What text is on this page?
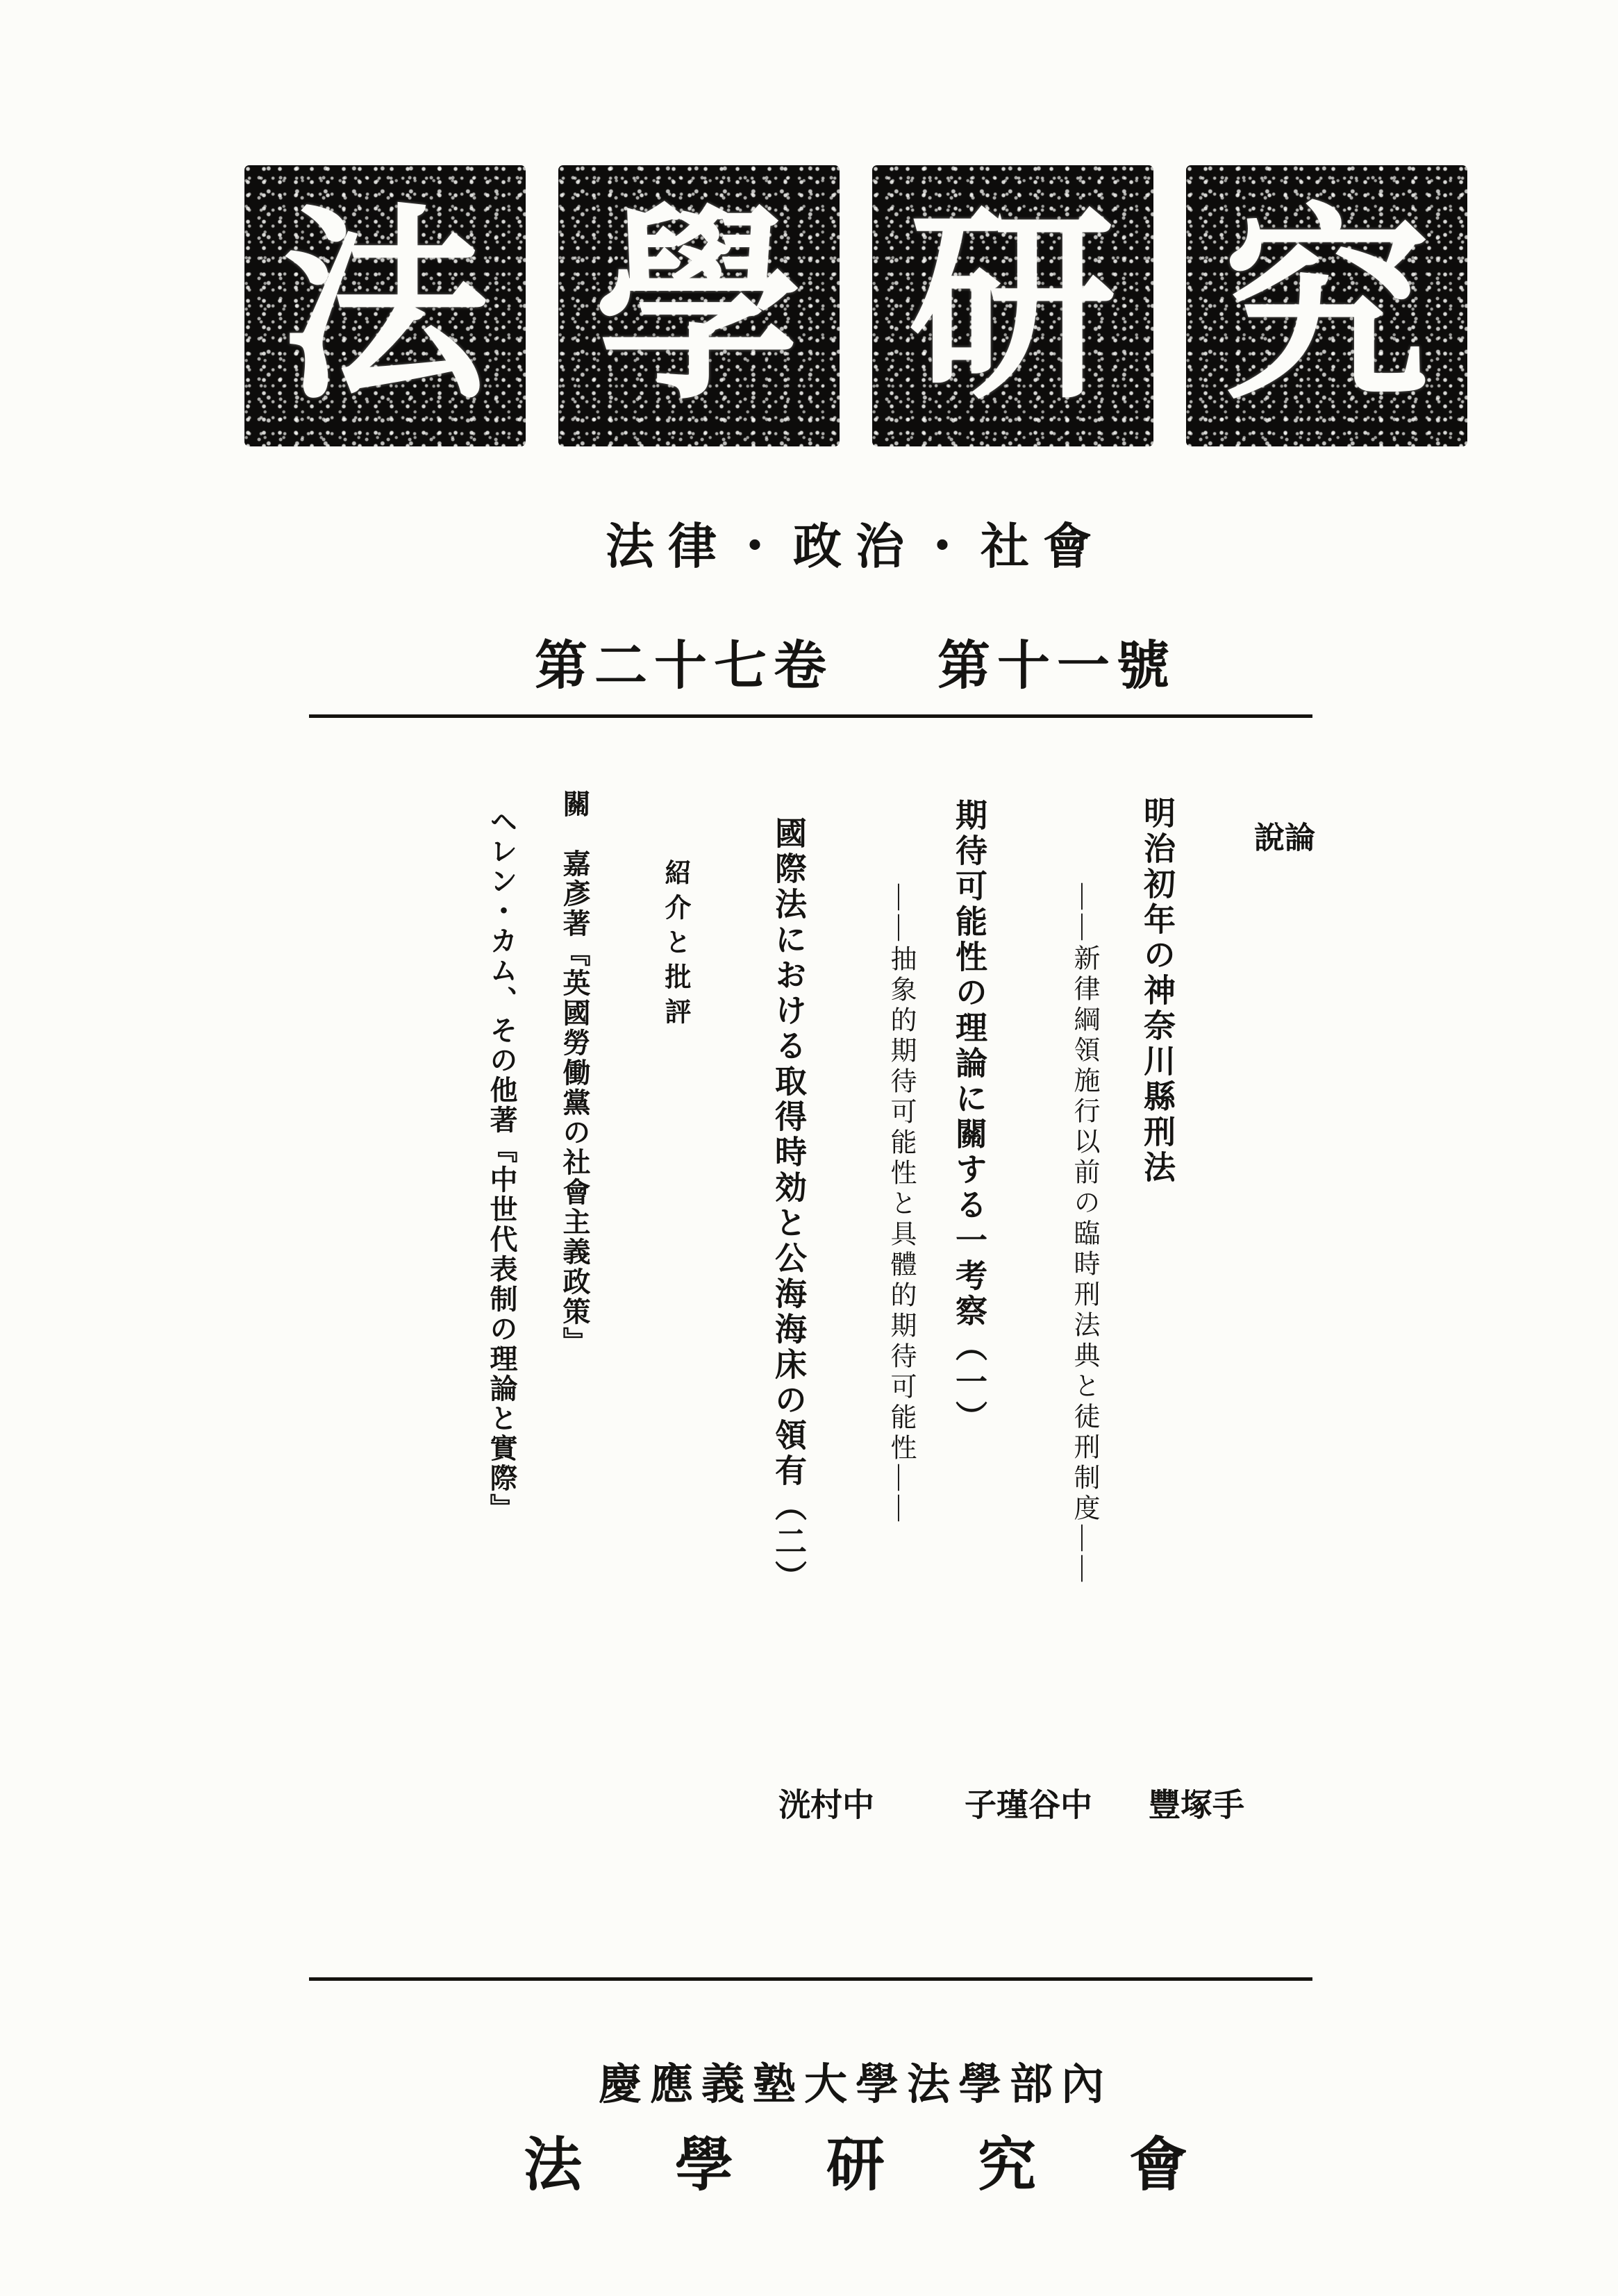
法 學 研 究
法律・政治・社會
第二十七卷 第十一號
論
說
明治初年の神奈川縣刑法
――新律綱領施行以前の臨時刑法典と徒刑制度――
手
塚
豐
期待可能性の理論に關する一考察（一）
――抽象的期待可能性と具體的期待可能性――
中
谷
瑾
子
國際法における取得時効と公海海床の領有（二）
中
村
洸
紹介と批評
關　嘉彥著『英國勞働黨の社會主義政策』
ヘレン・カム、その他著『中世代表制の理論と實際』
慶應義塾大學法學部內
法 學 研 究 會
